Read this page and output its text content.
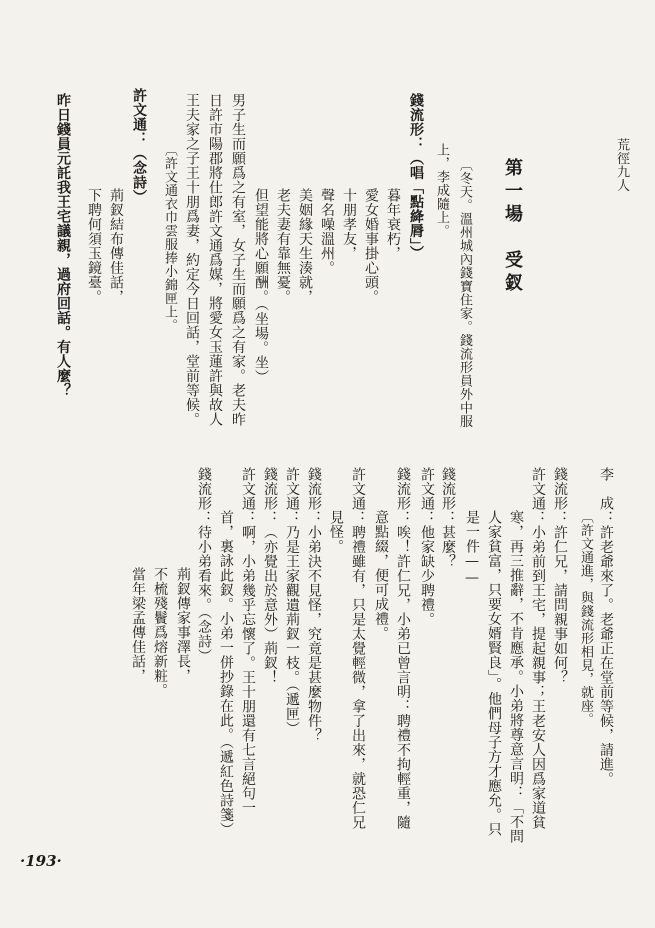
荒徑九人
第一場　受釵
〔冬天。溫州城內錢寶住家。錢流形員外中服
上，李成隨上。
錢流形：（唱「點絳脣」）
暮年衰朽，
愛女婚事掛心頭。
十朋孝友，
聲名噪溫州。
美姻緣天生湊就，
老夫妻有靠無憂。
但望能將心願酬。（坐場。坐）
男子生而願爲之有室，女子生而願爲之有家。老夫昨
日許市陽郡將仕郎許文通爲媒，將愛女玉蓮許與故人
王夫家之子王十朋爲妻，約定今日回話，堂前等候。
〔許文通衣巾雲服捧小錦匣上。
許文通：（念詩）
荊釵結布傳佳話，
下聘何須玉鏡臺。
昨日錢員元託我王宅議親，過府回話。有人麼？
李　成：許老爺來了。老爺正在堂前等候，請進。
〔許文通進，與錢流形相見，就座。
錢流形：許仁兄，請問親事如何？
許文通：小弟前到王宅，提起親事；王老安人因爲家道貧
寒，再三推辭，不肯應承。小弟將尊意言明：「不問
人家貧富，只要女婿賢良」。他們母子方才應允。只
是一件——
錢流形：甚麼？
許文通：他家缺少聘禮。
錢流形：唉！許仁兄，小弟已曾言明：聘禮不拘輕重，隨
意點綴，便可成禮。
許文通：聘禮雖有，只是太覺輕微，拿了出來，就恐仁兄
見怪。
錢流形：小弟決不見怪，究竟是甚麼物件？
許文通：乃是王家觀遺荊釵一枝。（遞匣）
錢流形：（亦覺出於意外）荊釵！
許文通：啊，小弟幾乎忘懷了。王十朋還有七言絕句一
首，裏詠此釵。小弟一併抄錄在此。（遞紅色詩箋）
錢流形：待小弟看來。（念詩）
荊釵傳家事澤長，
不梳殘鬢爲熔新粧。
當年梁孟傳佳話，
·193·
